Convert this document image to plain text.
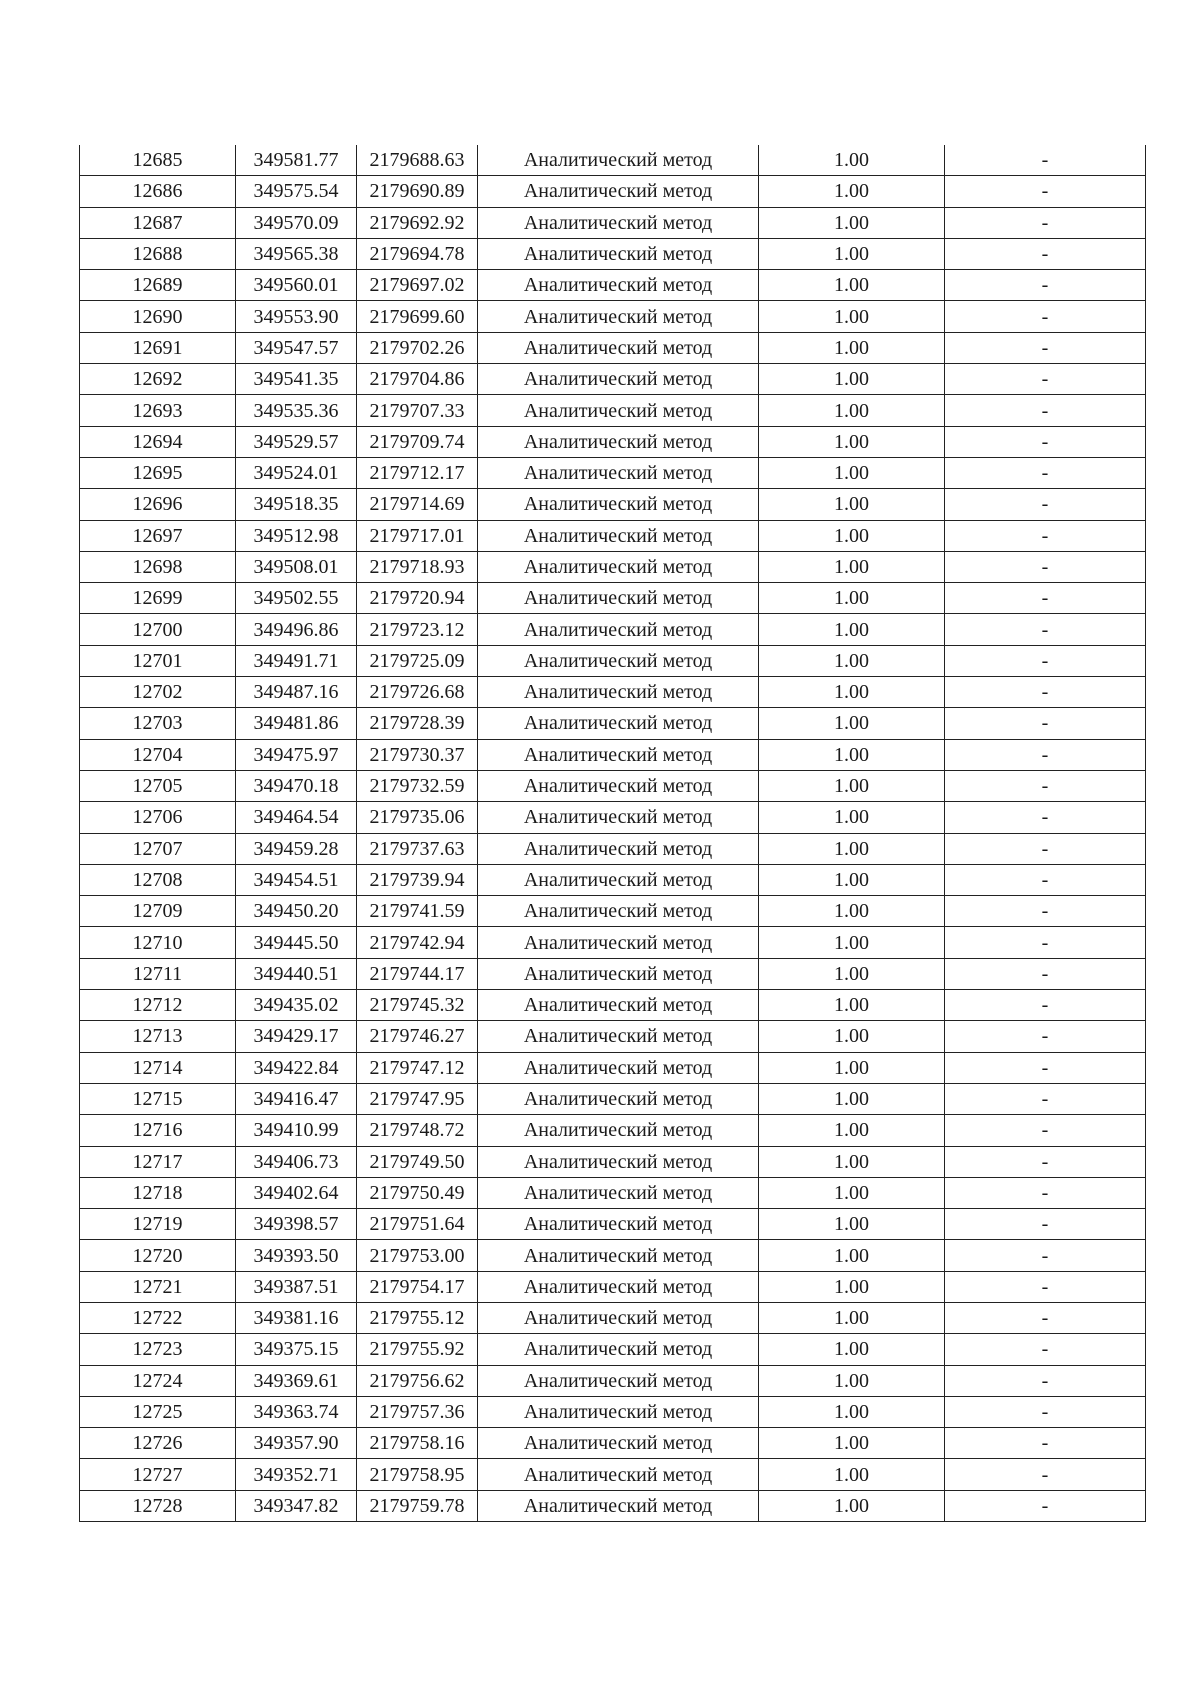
12685	349581.77	2179688.63	Аналитический метод	1.00	-
12686	349575.54	2179690.89	Аналитический метод	1.00	-
12687	349570.09	2179692.92	Аналитический метод	1.00	-
12688	349565.38	2179694.78	Аналитический метод	1.00	-
12689	349560.01	2179697.02	Аналитический метод	1.00	-
12690	349553.90	2179699.60	Аналитический метод	1.00	-
12691	349547.57	2179702.26	Аналитический метод	1.00	-
12692	349541.35	2179704.86	Аналитический метод	1.00	-
12693	349535.36	2179707.33	Аналитический метод	1.00	-
12694	349529.57	2179709.74	Аналитический метод	1.00	-
12695	349524.01	2179712.17	Аналитический метод	1.00	-
12696	349518.35	2179714.69	Аналитический метод	1.00	-
12697	349512.98	2179717.01	Аналитический метод	1.00	-
12698	349508.01	2179718.93	Аналитический метод	1.00	-
12699	349502.55	2179720.94	Аналитический метод	1.00	-
12700	349496.86	2179723.12	Аналитический метод	1.00	-
12701	349491.71	2179725.09	Аналитический метод	1.00	-
12702	349487.16	2179726.68	Аналитический метод	1.00	-
12703	349481.86	2179728.39	Аналитический метод	1.00	-
12704	349475.97	2179730.37	Аналитический метод	1.00	-
12705	349470.18	2179732.59	Аналитический метод	1.00	-
12706	349464.54	2179735.06	Аналитический метод	1.00	-
12707	349459.28	2179737.63	Аналитический метод	1.00	-
12708	349454.51	2179739.94	Аналитический метод	1.00	-
12709	349450.20	2179741.59	Аналитический метод	1.00	-
12710	349445.50	2179742.94	Аналитический метод	1.00	-
12711	349440.51	2179744.17	Аналитический метод	1.00	-
12712	349435.02	2179745.32	Аналитический метод	1.00	-
12713	349429.17	2179746.27	Аналитический метод	1.00	-
12714	349422.84	2179747.12	Аналитический метод	1.00	-
12715	349416.47	2179747.95	Аналитический метод	1.00	-
12716	349410.99	2179748.72	Аналитический метод	1.00	-
12717	349406.73	2179749.50	Аналитический метод	1.00	-
12718	349402.64	2179750.49	Аналитический метод	1.00	-
12719	349398.57	2179751.64	Аналитический метод	1.00	-
12720	349393.50	2179753.00	Аналитический метод	1.00	-
12721	349387.51	2179754.17	Аналитический метод	1.00	-
12722	349381.16	2179755.12	Аналитический метод	1.00	-
12723	349375.15	2179755.92	Аналитический метод	1.00	-
12724	349369.61	2179756.62	Аналитический метод	1.00	-
12725	349363.74	2179757.36	Аналитический метод	1.00	-
12726	349357.90	2179758.16	Аналитический метод	1.00	-
12727	349352.71	2179758.95	Аналитический метод	1.00	-
12728	349347.82	2179759.78	Аналитический метод	1.00	-
